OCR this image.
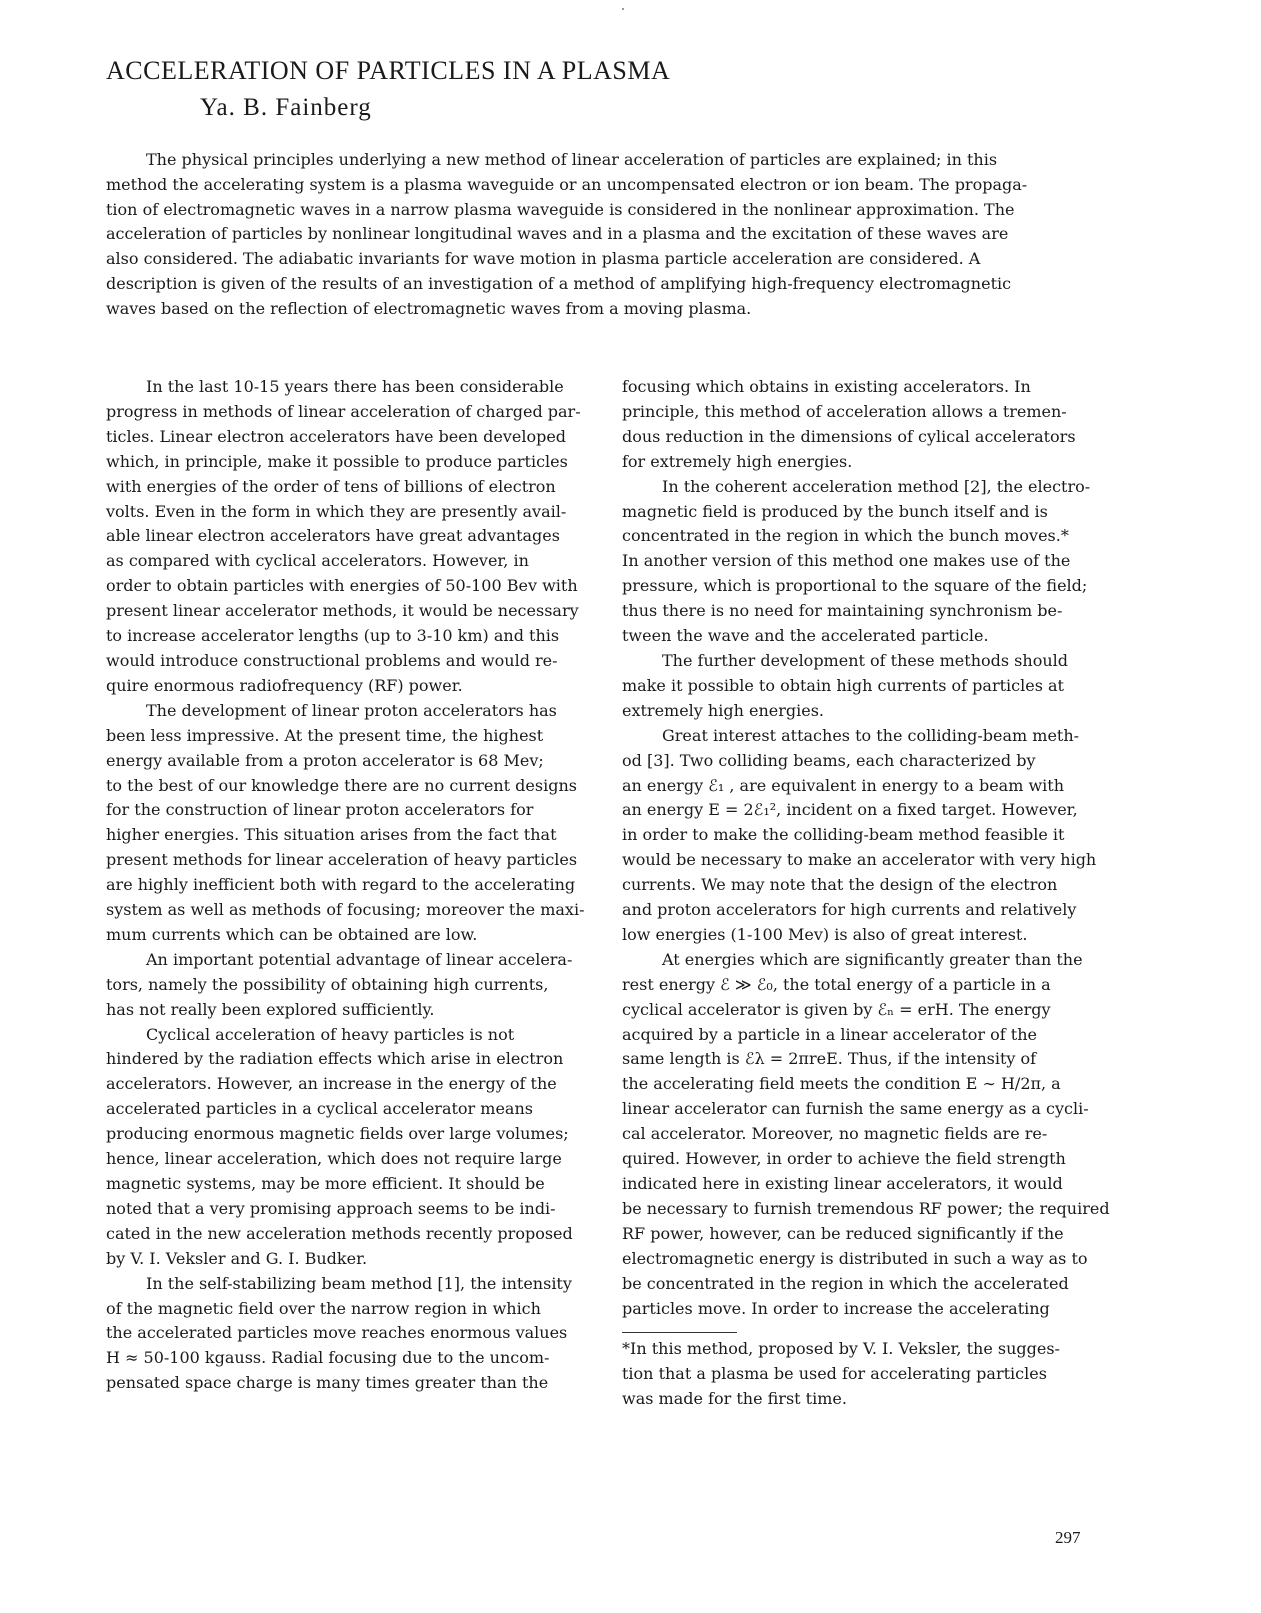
ACCELERATION OF PARTICLES IN A PLASMA
Ya. B. Fainberg
The physical principles underlying a new method of linear acceleration of particles are explained; in this
method the accelerating system is a plasma waveguide or an uncompensated electron or ion beam. The propaga-
tion of electromagnetic waves in a narrow plasma waveguide is considered in the nonlinear approximation. The
acceleration of particles by nonlinear longitudinal waves and in a plasma and the excitation of these waves are
also considered. The adiabatic invariants for wave motion in plasma particle acceleration are considered. A
description is given of the results of an investigation of a method of amplifying high-frequency electromagnetic
waves based on the reflection of electromagnetic waves from a moving plasma.
In the last 10-15 years there has been considerable
progress in methods of linear acceleration of charged par-
ticles. Linear electron accelerators have been developed
which, in principle, make it possible to produce particles
with energies of the order of tens of billions of electron
volts. Even in the form in which they are presently avail-
able linear electron accelerators have great advantages
as compared with cyclical accelerators. However, in
order to obtain particles with energies of 50-100 Bev with
present linear accelerator methods, it would be necessary
to increase accelerator lengths (up to 3-10 km) and this
would introduce constructional problems and would re-
quire enormous radiofrequency (RF) power.
The development of linear proton accelerators has
been less impressive. At the present time, the highest
energy available from a proton accelerator is 68 Mev;
to the best of our knowledge there are no current designs
for the construction of linear proton accelerators for
higher energies. This situation arises from the fact that
present methods for linear acceleration of heavy particles
are highly inefficient both with regard to the accelerating
system as well as methods of focusing; moreover the maxi-
mum currents which can be obtained are low.
An important potential advantage of linear accelera-
tors, namely the possibility of obtaining high currents,
has not really been explored sufficiently.
Cyclical acceleration of heavy particles is not
hindered by the radiation effects which arise in electron
accelerators. However, an increase in the energy of the
accelerated particles in a cyclical accelerator means
producing enormous magnetic fields over large volumes;
hence, linear acceleration, which does not require large
magnetic systems, may be more efficient. It should be
noted that a very promising approach seems to be indi-
cated in the new acceleration methods recently proposed
by V. I. Veksler and G. I. Budker.
In the self-stabilizing beam method [1], the intensity
of the magnetic field over the narrow region in which
the accelerated particles move reaches enormous values
H ≈ 50-100 kgauss. Radial focusing due to the uncom-
pensated space charge is many times greater than the
focusing which obtains in existing accelerators. In
principle, this method of acceleration allows a tremen-
dous reduction in the dimensions of cylical accelerators
for extremely high energies.
In the coherent acceleration method [2], the electro-
magnetic field is produced by the bunch itself and is
concentrated in the region in which the bunch moves.*
In another version of this method one makes use of the
pressure, which is proportional to the square of the field;
thus there is no need for maintaining synchronism be-
tween the wave and the accelerated particle.
The further development of these methods should
make it possible to obtain high currents of particles at
extremely high energies.
Great interest attaches to the colliding-beam meth-
od [3]. Two colliding beams, each characterized by
an energy ℰ₁ , are equivalent in energy to a beam with
an energy E = 2ℰ₁², incident on a fixed target. However,
in order to make the colliding-beam method feasible it
would be necessary to make an accelerator with very high
currents. We may note that the design of the electron
and proton accelerators for high currents and relatively
low energies (1-100 Mev) is also of great interest.
At energies which are significantly greater than the
rest energy ℰ ≫ ℰ₀, the total energy of a particle in a
cyclical accelerator is given by ℰₙ = erH. The energy
acquired by a particle in a linear accelerator of the
same length is ℰλ = 2πreE. Thus, if the intensity of
the accelerating field meets the condition E ∼ H/2π, a
linear accelerator can furnish the same energy as a cycli-
cal accelerator. Moreover, no magnetic fields are re-
quired. However, in order to achieve the field strength
indicated here in existing linear accelerators, it would
be necessary to furnish tremendous RF power; the required
RF power, however, can be reduced significantly if the
electromagnetic energy is distributed in such a way as to
be concentrated in the region in which the accelerated
particles move. In order to increase the accelerating
*In this method, proposed by V. I. Veksler, the sugges-
tion that a plasma be used for accelerating particles
was made for the first time.
297
